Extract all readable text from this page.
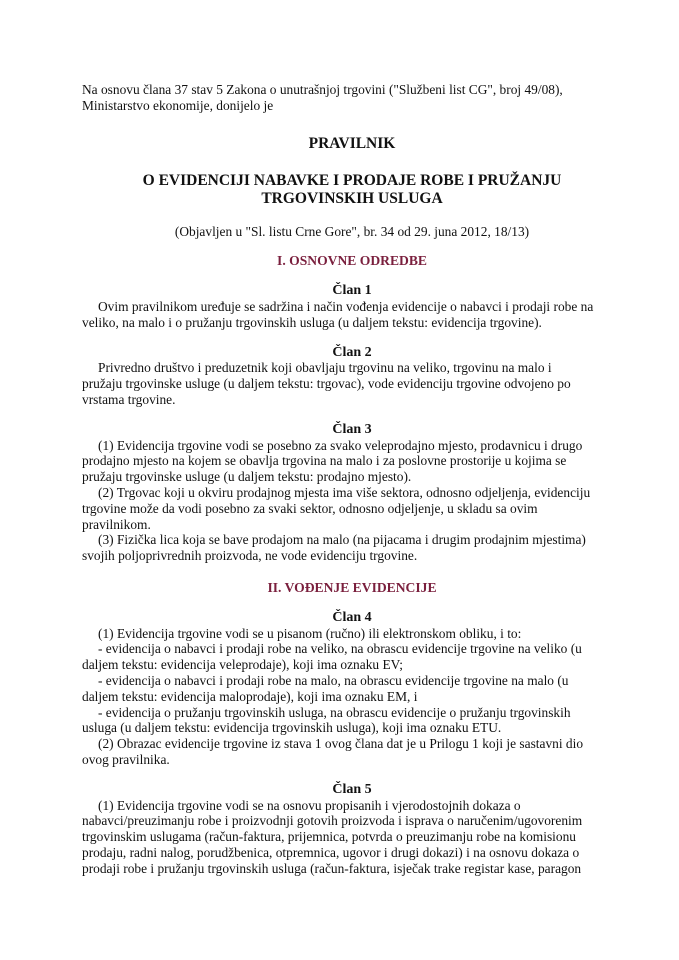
Na osnovu člana 37 stav 5 Zakona o unutrašnjoj trgovini ("Službeni list CG", broj 49/08), Ministarstvo ekonomije, donijelo je

PRAVILNIK

O EVIDENCIJI NABAVKE I PRODAJE ROBE I PRUŽANJU

TRGOVINSKIH USLUGA

(Objavljen u "Sl. listu Crne Gore", br. 34 od 29. juna 2012, 18/13)

I. OSNOVNE ODREDBE

Član 1

Ovim pravilnikom uređuje se sadržina i način vođenja evidencije o nabavci i prodaji robe na veliko, na malo i o pružanju trgovinskih usluga (u daljem tekstu: evidencija trgovine).

Član 2

Privredno društvo i preduzetnik koji obavljaju trgovinu na veliko, trgovinu na malo i pružaju trgovinske usluge (u daljem tekstu: trgovac), vode evidenciju trgovine odvojeno po vrstama trgovine.

Član 3

(1) Evidencija trgovine vodi se posebno za svako veleprodajno mjesto, prodavnicu i drugo prodajno mjesto na kojem se obavlja trgovina na malo i za poslovne prostorije u kojima se pružaju trgovinske usluge (u daljem tekstu: prodajno mjesto).

(2) Trgovac koji u okviru prodajnog mjesta ima više sektora, odnosno odjeljenja, evidenciju trgovine može da vodi posebno za svaki sektor, odnosno odjeljenje, u skladu sa ovim pravilnikom.

(3) Fizička lica koja se bave prodajom na malo (na pijacama i drugim prodajnim mjestima) svojih poljoprivrednih proizvoda, ne vode evidenciju trgovine.

II. VOĐENJE EVIDENCIJE

Član 4

(1) Evidencija trgovine vodi se u pisanom (ručno) ili elektronskom obliku, i to:

- evidencija o nabavci i prodaji robe na veliko, na obrascu evidencije trgovine na veliko (u daljem tekstu: evidencija veleprodaje), koji ima oznaku EV;

- evidencija o nabavci i prodaji robe na malo, na obrascu evidencije trgovine na malo (u daljem tekstu: evidencija maloprodaje), koji ima oznaku EM, i

- evidencija o pružanju trgovinskih usluga, na obrascu evidencije o pružanju trgovinskih usluga (u daljem tekstu: evidencija trgovinskih usluga), koji ima oznaku ETU.

(2) Obrazac evidencije trgovine iz stava 1 ovog člana dat je u Prilogu 1 koji je sastavni dio ovog pravilnika.

Član 5

(1) Evidencija trgovine vodi se na osnovu propisanih i vjerodostojnih dokaza o nabavci/preuzimanju robe i proizvodnji gotovih proizvoda i isprava o naručenim/ugovorenim trgovinskim uslugama (račun-faktura, prijemnica, potvrda o preuzimanju robe na komisionu prodaju, radni nalog, porudžbenica, otpremnica, ugovor i drugi dokazi) i na osnovu dokaza o prodaji robe i pružanju trgovinskih usluga (račun-faktura, isječak trake registar kase, paragon
